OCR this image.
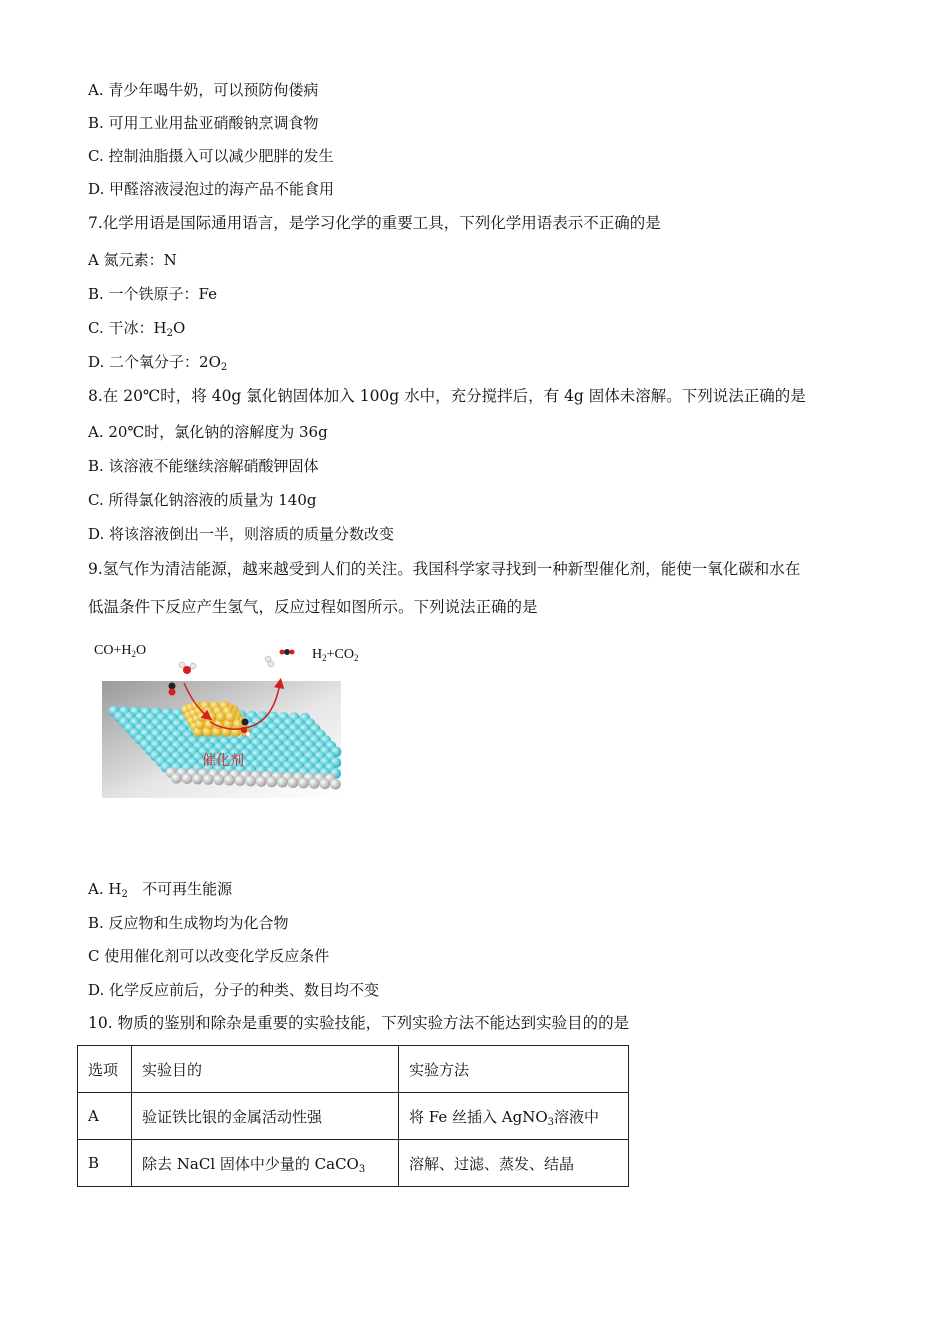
A. 青少年喝牛奶，可以预防佝偻病
B. 可用工业用盐亚硝酸钠烹调食物
C. 控制油脂摄入可以减少肥胖的发生
D. 甲醛溶液浸泡过的海产品不能食用
7.化学用语是国际通用语言，是学习化学的重要工具，下列化学用语表示不正确的是
A 氮元素：N
B. 一个铁原子：Fe
C. 干冰：$H_2O$
D. 二个氧分子：$2O_2$
8.在 20℃时，将 40g 氯化钠固体加入 100g 水中，充分搅拌后，有 4g 固体未溶解。下列说法正确的是
A. 20℃时，氯化钠的溶解度为 36g
B. 该溶液不能继续溶解硝酸钾固体
C. 所得氯化钠溶液的质量为 140g
D. 将该溶液倒出一半，则溶质的质量分数改变
9.氢气作为清洁能源，越来越受到人们的关注。我国科学家寻找到一种新型催化剂，能使一氧化碳和水在
低温条件下反应产生氢气，反应过程如图所示。下列说法正确的是
$CO+H_2O$	$H_2+CO_2$
催化剂
A. $H_2$   不可再生能源
B. 反应物和生成物均为化合物
C 使用催化剂可以改变化学反应条件
D. 化学反应前后，分子的种类、数目均不变
10. 物质的鉴别和除杂是重要的实验技能，下列实验方法不能达到实验目的的是
选项	实验目的	实验方法
A	验证铁比银的金属活动性强	将 Fe 丝插入 AgNO$_3$溶液中
B	除去 NaCl 固体中少量的 CaCO$_3$	溶解、过滤、蒸发、结晶
